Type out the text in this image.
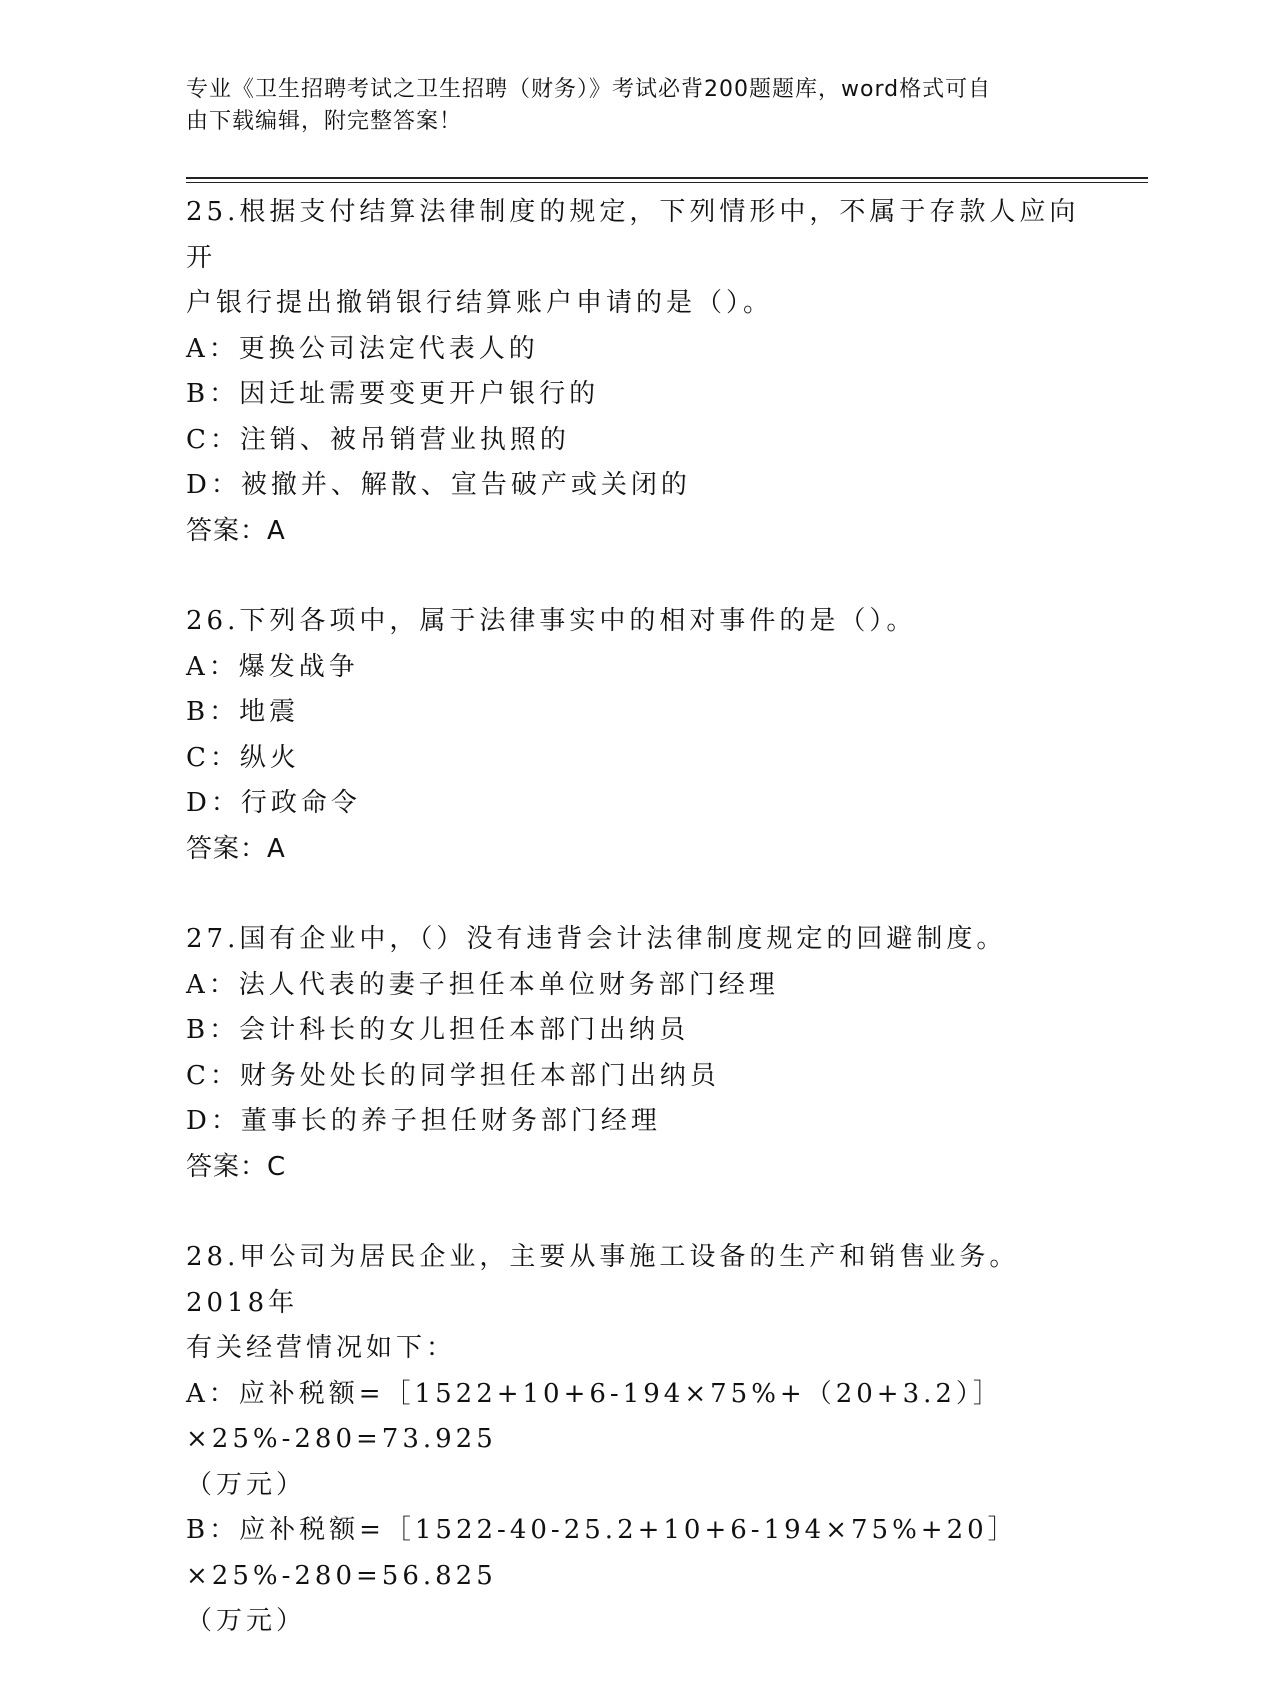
专业《卫生招聘考试之卫生招聘（财务）》考试必背200题题库，word格式可自
由下载编辑，附完整答案！

25.根据支付结算法律制度的规定，下列情形中，不属于存款人应向开

户银行提出撤销银行结算账户申请的是（）。

A：更换公司法定代表人的

B：因迁址需要变更开户银行的

C：注销、被吊销营业执照的

D：被撤并、解散、宣告破产或关闭的

答案：A

26.下列各项中，属于法律事实中的相对事件的是（）。

A：爆发战争

B：地震

C：纵火

D：行政命令

答案：A

27.国有企业中，（）没有违背会计法律制度规定的回避制度。

A：法人代表的妻子担任本单位财务部门经理

B：会计科长的女儿担任本部门出纳员

C：财务处处长的同学担任本部门出纳员

D：董事长的养子担任财务部门经理

答案：C

28.甲公司为居民企业，主要从事施工设备的生产和销售业务。2018年

有关经营情况如下：

A：应补税额=［1522+10+6-194×75%+（20+3.2）］×25%-280=73.925

（万元）

B：应补税额=［1522-40-25.2+10+6-194×75%+20］×25%-280=56.825

（万元）
